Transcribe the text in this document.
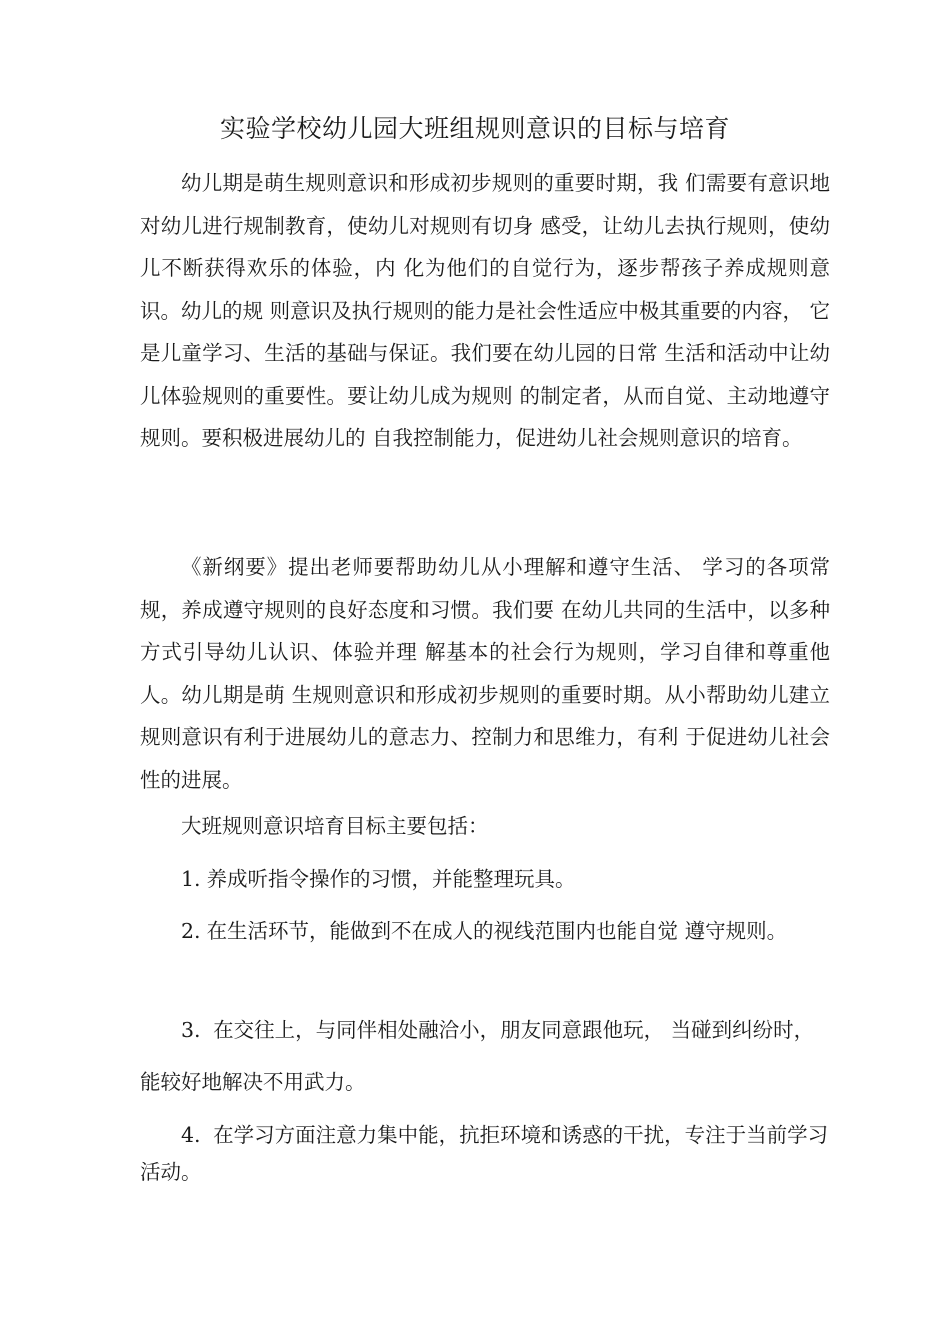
实验学校幼儿园大班组规则意识的目标与培育

幼儿期是萌生规则意识和形成初步规则的重要时期，我 们需要有意识地对幼儿进行规制教育，使幼儿对规则有切身 感受，让幼儿去执行规则，使幼儿不断获得欢乐的体验，内 化为他们的自觉行为，逐步帮孩子养成规则意识。幼儿的规 则意识及执行规则的能力是社会性适应中极其重要的内容， 它是儿童学习、生活的基础与保证。我们要在幼儿园的日常 生活和活动中让幼儿体验规则的重要性。要让幼儿成为规则 的制定者，从而自觉、主动地遵守规则。要积极进展幼儿的 自我控制能力，促进幼儿社会规则意识的培育。

《新纲要》提出老师要帮助幼儿从小理解和遵守生活、 学习的各项常规，养成遵守规则的良好态度和习惯。我们要 在幼儿共同的生活中，以多种方式引导幼儿认识、体验并理 解基本的社会行为规则，学习自律和尊重他人。幼儿期是萌 生规则意识和形成初步规则的重要时期。从小帮助幼儿建立 规则意识有利于进展幼儿的意志力、控制力和思维力，有利 于促进幼儿社会性的进展。

大班规则意识培育目标主要包括：

1. 养成听指令操作的习惯，并能整理玩具。

2. 在生活环节，能做到不在成人的视线范围内也能自觉 遵守规则。

3. 在交往上，与同伴相处融洽小，朋友同意跟他玩， 当碰到纠纷时，能较好地解决不用武力。

4. 在学习方面注意力集中能，抗拒环境和诱惑的干扰，专注于当前学习活动。
